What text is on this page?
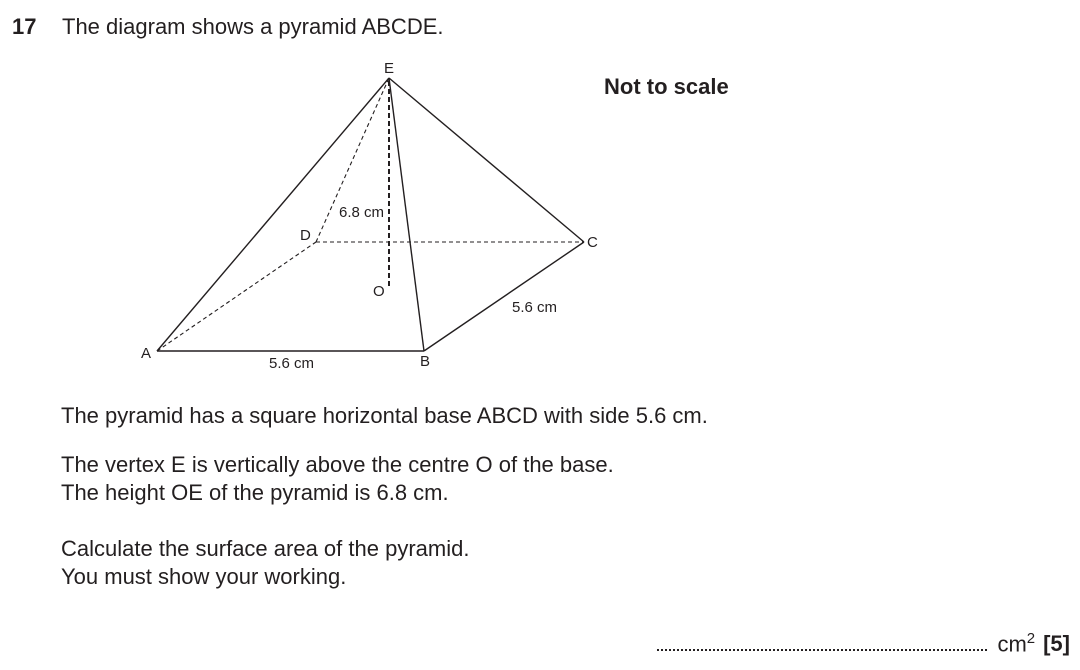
17 The diagram shows a pyramid ABCDE.
Not to scale
E
D	C
O
A	B
6.8 cm
5.6 cm
5.6 cm
The pyramid has a square horizontal base ABCD with side 5.6 cm.
The vertex E is vertically above the centre O of the base.
The height OE of the pyramid is 6.8 cm.
Calculate the surface area of the pyramid.
You must show your working.
$cm^2$ [5]
